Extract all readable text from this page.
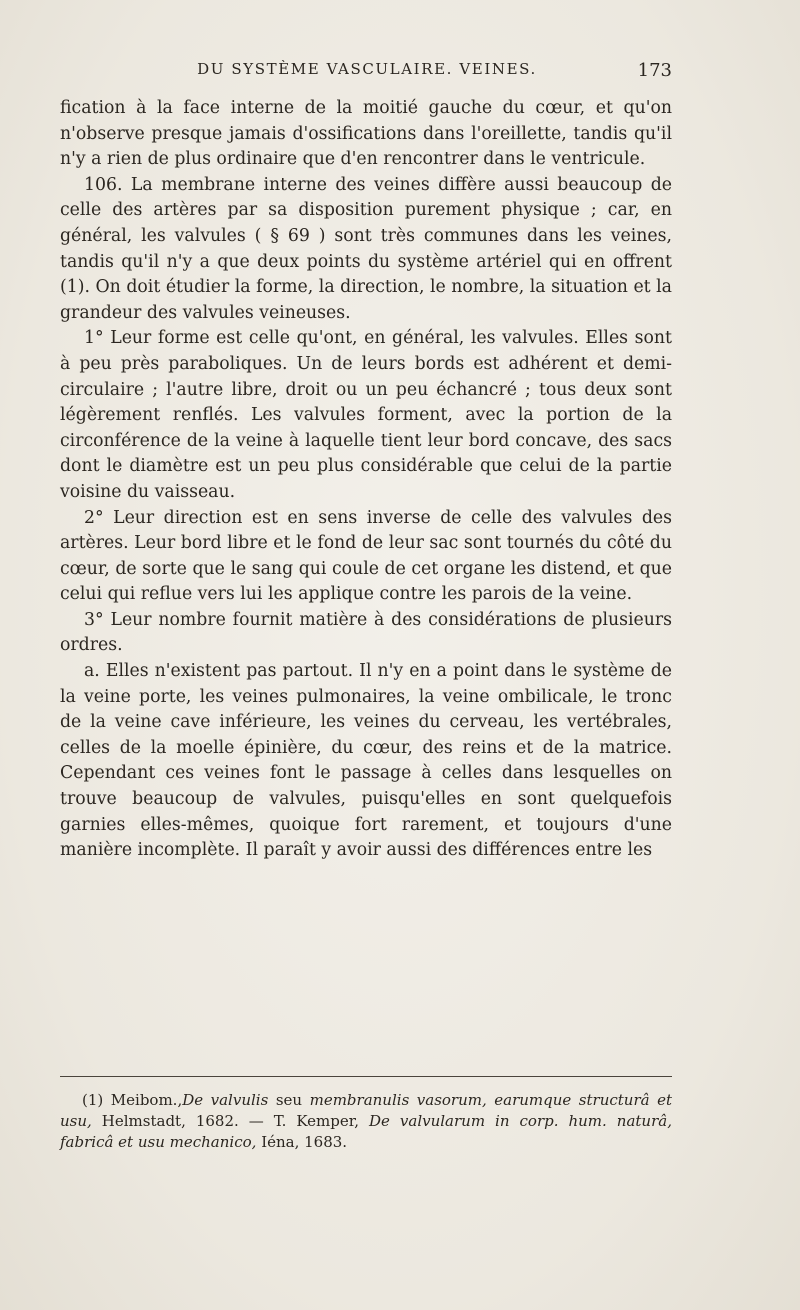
DU SYSTÈME VASCULAIRE. VEINES.	173

fication à la face interne de la moitié gauche du cœur, et qu'on n'observe presque jamais d'ossifications dans l'oreillette, tandis qu'il n'y a rien de plus ordinaire que d'en rencontrer dans le ventricule.

106. La membrane interne des veines diffère aussi beaucoup de celle des artères par sa disposition purement physique ; car, en général, les valvules ( § 69 ) sont très communes dans les veines, tandis qu'il n'y a que deux points du système artériel qui en offrent (1). On doit étudier la forme, la direction, le nombre, la situation et la grandeur des valvules veineuses.

1° Leur forme est celle qu'ont, en général, les valvules. Elles sont à peu près paraboliques. Un de leurs bords est adhérent et demi-circulaire ; l'autre libre, droit ou un peu échancré ; tous deux sont légèrement renflés. Les valvules forment, avec la portion de la circonférence de la veine à laquelle tient leur bord concave, des sacs dont le diamètre est un peu plus considérable que celui de la partie voisine du vaisseau.

2° Leur direction est en sens inverse de celle des valvules des artères. Leur bord libre et le fond de leur sac sont tournés du côté du cœur, de sorte que le sang qui coule de cet organe les distend, et que celui qui reflue vers lui les applique contre les parois de la veine.

3° Leur nombre fournit matière à des considérations de plusieurs ordres.

a. Elles n'existent pas partout. Il n'y en a point dans le système de la veine porte, les veines pulmonaires, la veine ombilicale, le tronc de la veine cave inférieure, les veines du cerveau, les vertébrales, celles de la moelle épinière, du cœur, des reins et de la matrice. Cependant ces veines font le passage à celles dans lesquelles on trouve beaucoup de valvules, puisqu'elles en sont quelquefois garnies elles-mêmes, quoique fort rarement, et toujours d'une manière incomplète. Il paraît y avoir aussi des différences entre les

(1) Meibom.,De valvulis seu membranulis vasorum, earumque structurâ et usu, Helmstadt, 1682. — T. Kemper, De valvularum in corp. hum. naturâ, fabricâ et usu mechanico, Iéna, 1683.
